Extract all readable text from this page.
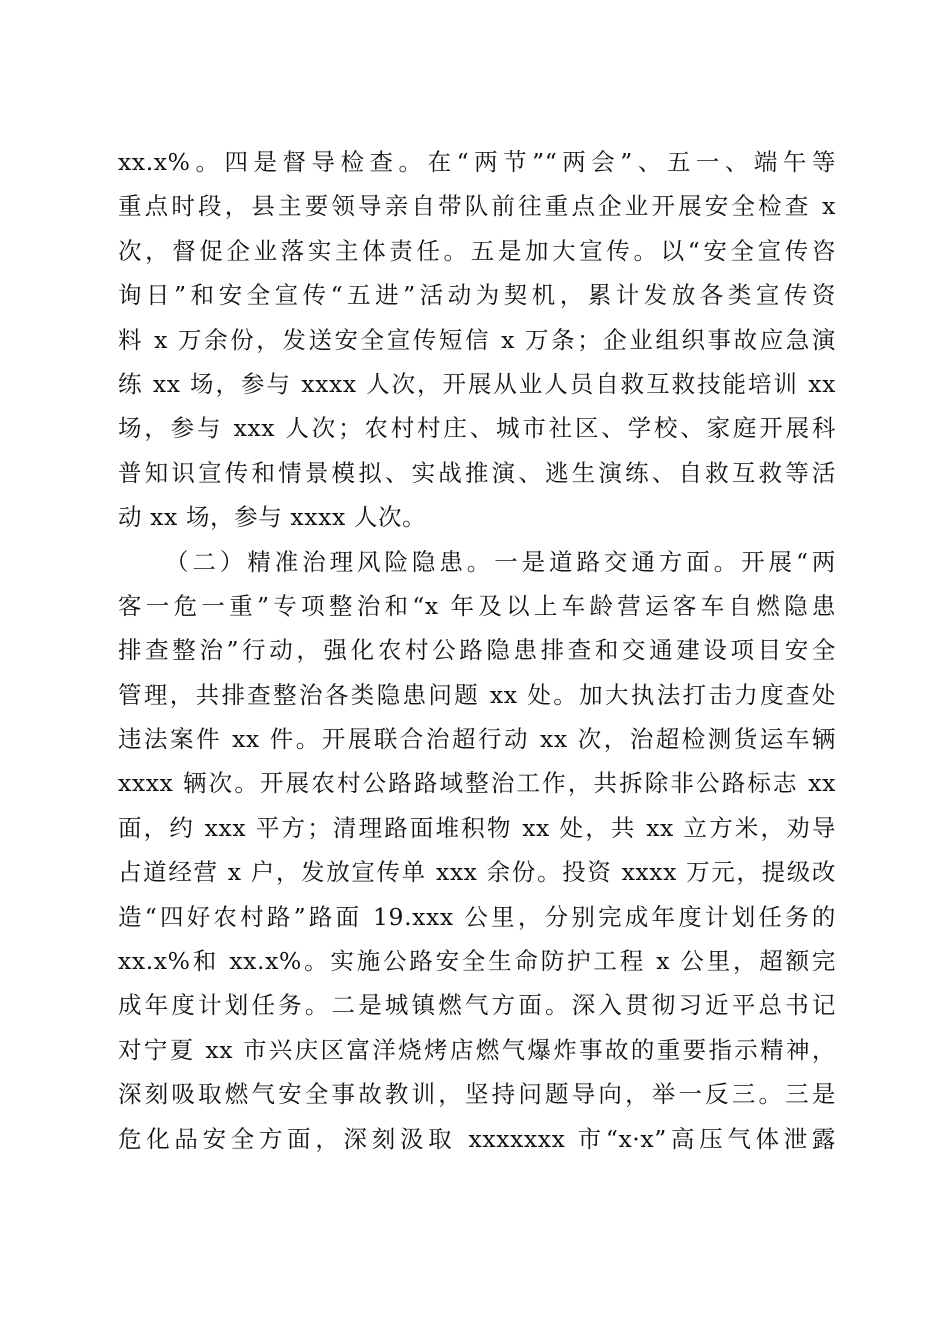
xx.x%。四是督导检查。在“两节”“两会”、五一、端午等
重点时段，县主要领导亲自带队前往重点企业开展安全检查 x
次，督促企业落实主体责任。五是加大宣传。以“安全宣传咨
询日”和安全宣传“五进”活动为契机，累计发放各类宣传资
料 x 万余份，发送安全宣传短信 x 万条；企业组织事故应急演
练 xx 场，参与 xxxx 人次，开展从业人员自救互救技能培训 xx
场，参与 xxx 人次；农村村庄、城市社区、学校、家庭开展科
普知识宣传和情景模拟、实战推演、逃生演练、自救互救等活
动 xx 场，参与 xxxx 人次。
（二）精准治理风险隐患。一是道路交通方面。开展“两
客一危一重”专项整治和“x 年及以上车龄营运客车自燃隐患
排查整治”行动，强化农村公路隐患排查和交通建设项目安全
管理，共排查整治各类隐患问题 xx 处。加大执法打击力度查处
违法案件 xx 件。开展联合治超行动 xx 次，治超检测货运车辆
xxxx 辆次。开展农村公路路域整治工作，共拆除非公路标志 xx
面，约 xxx 平方；清理路面堆积物 xx 处，共 xx 立方米，劝导
占道经营 x 户，发放宣传单 xxx 余份。投资 xxxx 万元，提级改
造“四好农村路”路面 19.xxx 公里，分别完成年度计划任务的
xx.x%和 xx.x%。实施公路安全生命防护工程 x 公里，超额完
成年度计划任务。二是城镇燃气方面。深入贯彻习近平总书记
对宁夏 xx 市兴庆区富洋烧烤店燃气爆炸事故的重要指示精神，
深刻吸取燃气安全事故教训，坚持问题导向，举一反三。三是
危化品安全方面，深刻汲取 xxxxxxx 市“x·x”高压气体泄露
